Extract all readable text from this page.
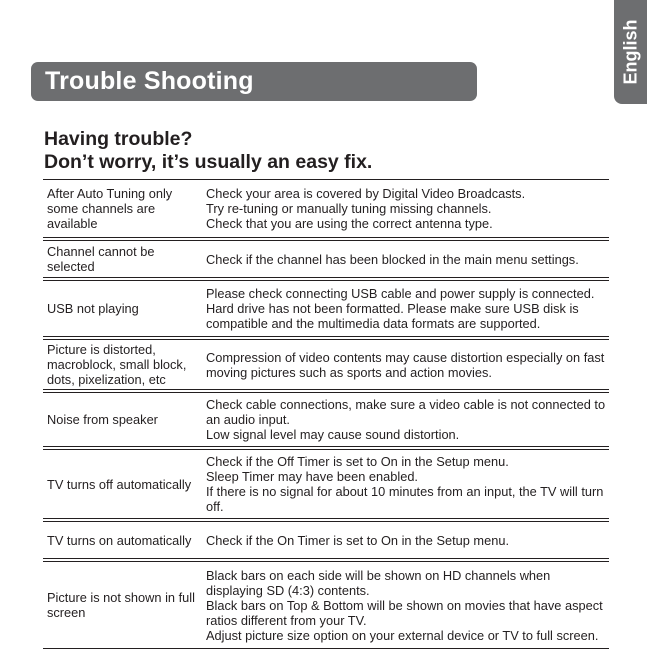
English
Trouble Shooting
Having trouble?
Don’t worry, it’s usually an easy fix.
After Auto Tuning only some channels are available
Check your area is covered by Digital Video Broadcasts.
Try re-tuning or manually tuning missing channels.
Check that you are using the correct antenna type.
Channel cannot be selected	Check if the channel has been blocked in the main menu settings.
USB not playing
Please check connecting USB cable and power supply is connected.
Hard drive has not been formatted. Please make sure USB disk is compatible and the multimedia data formats are supported.
Picture is distorted, macroblock, small block, dots, pixelization, etc
Compression of video contents may cause distortion especially on fast moving pictures such as sports and action movies.
Noise from speaker
Check cable connections, make sure a video cable is not connected to an audio input.
Low signal level may cause sound distortion.
TV turns off automatically
Check if the Off Timer is set to On in the Setup menu.
Sleep Timer may have been enabled.
If there is no signal for about 10 minutes from an input, the TV will turn off.
TV turns on automatically	Check if the On Timer is set to On in the Setup menu.
Picture is not shown in full screen
Black bars on each side will be shown on HD channels when displaying SD (4:3) contents.
Black bars on Top & Bottom will be shown on movies that have aspect ratios different from your TV.
Adjust picture size option on your external device or TV to full screen.
